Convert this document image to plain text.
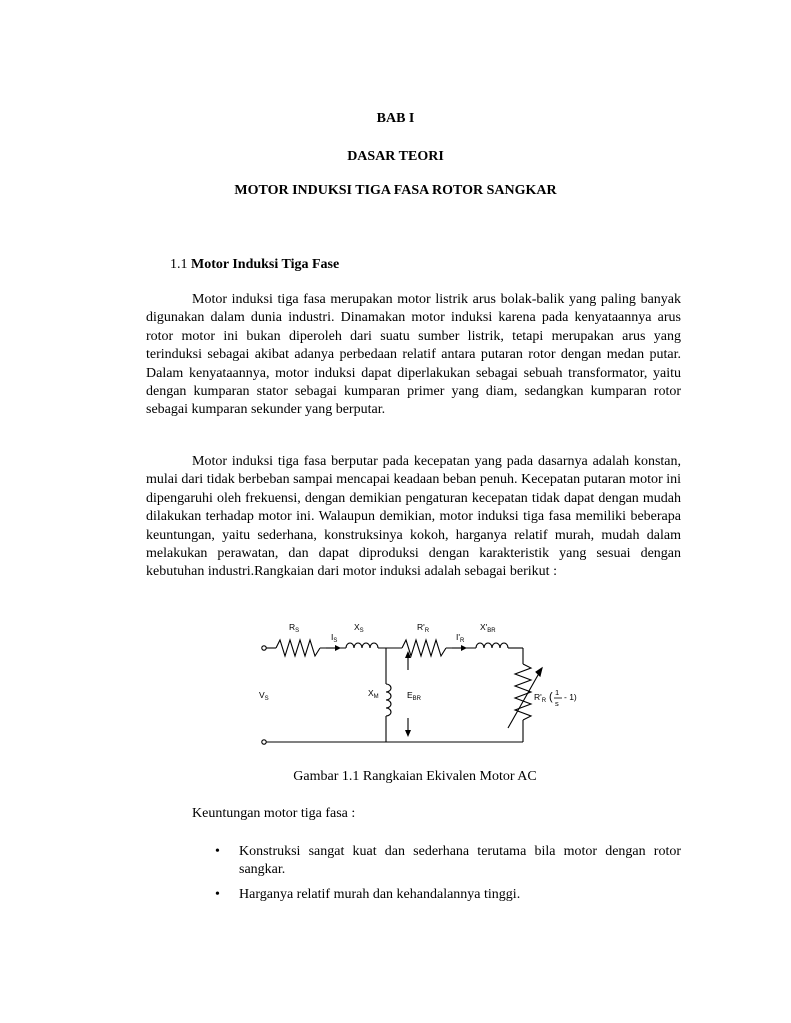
BAB I
DASAR TEORI
MOTOR INDUKSI TIGA FASA ROTOR SANGKAR
1.1 Motor Induksi Tiga Fase
Motor induksi tiga fasa merupakan motor listrik arus bolak-balik yang paling banyak digunakan dalam dunia industri. Dinamakan motor induksi karena pada kenyataannya arus rotor motor ini bukan diperoleh dari suatu sumber listrik, tetapi merupakan arus yang terinduksi sebagai akibat adanya perbedaan relatif antara putaran rotor dengan medan putar. Dalam kenyataannya, motor induksi dapat diperlakukan sebagai sebuah transformator, yaitu dengan kumparan stator sebagai kumparan primer yang diam, sedangkan kumparan rotor sebagai kumparan sekunder yang berputar.
Motor induksi tiga fasa berputar pada kecepatan yang pada dasarnya adalah konstan, mulai dari tidak berbeban sampai mencapai keadaan beban penuh. Kecepatan putaran motor ini dipengaruhi oleh frekuensi, dengan demikian pengaturan kecepatan tidak dapat dengan mudah dilakukan terhadap motor ini. Walaupun demikian, motor induksi tiga fasa memiliki beberapa keuntungan, yaitu sederhana, konstruksinya kokoh, harganya relatif murah, mudah dalam melakukan perawatan, dan dapat diproduksi dengan karakteristik yang sesuai dengan kebutuhan industri.Rangkaian dari motor induksi adalah sebagai berikut :
$R_S$	$X_S$	$R'_R$	$X'_{BR}$
$I_S$	$I'_R$
$V_S$
$X_M$	$E_{BR}$	$R'_R$ ( 1
s
- 1)
Gambar 1.1 Rangkaian Ekivalen Motor AC
Keuntungan motor tiga fasa :
• Konstruksi sangat kuat dan sederhana terutama bila motor dengan rotor sangkar.
• Harganya relatif murah dan kehandalannya tinggi.
